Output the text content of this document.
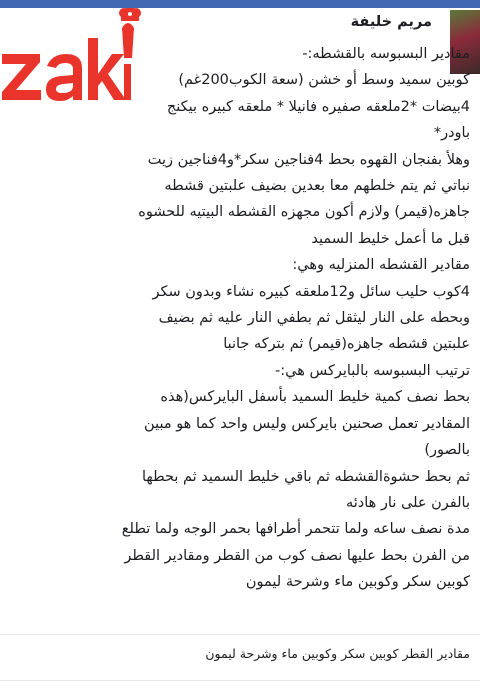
مريم خليفة

مقادير البسبوسه بالقشطه:-

كوبين سميد وسط أو خشن (سعة الكوب200غم)

4بيضات *2ملعقه صفيره فانيلا * ملعقه كبيره بيكنج

باودر*

وهلأ بفنجان القهوه بحط 4فناجين سكر*و4فناجين زيت

نباتي ثم يتم خلطهم معا بعدين بضيف علبتين قشطه

جاهزه(قيمر) ولازم أكون مجهزه القشطه البيتيه للحشوه

قبل ما أعمل خليط السميد

مقادير القشطه المنزليه وهي:

4كوب حليب سائل و12ملعقه كبيره نشاء وبدون سكر

وبحطه على النار ليثقل ثم بطفي النار عليه ثم بضيف

علبتين قشطه جاهزه(قيمر) ثم بتركه جانبا

ترتيب البسبوسه بالبايركس هي:-

بحط نصف كمية خليط السميد بأسفل البايركس(هذه

المقادير تعمل صحنين بايركس وليس واحد كما هو مبين

بالصور)

ثم بحط حشوةالقشطه ثم باقي خليط السميد ثم بحطها

بالفرن على نار هادئه

مدة نصف ساعه ولما تتحمر أطرافها بحمر الوجه ولما تطلع

من الفرن بحط عليها نصف كوب من القطر ومقادير القطر

كوبين سكر وكوبين ماء وشرحة ليمون

مقادير القطر كوبين سكر وكوبين ماء وشرحة ليمون
